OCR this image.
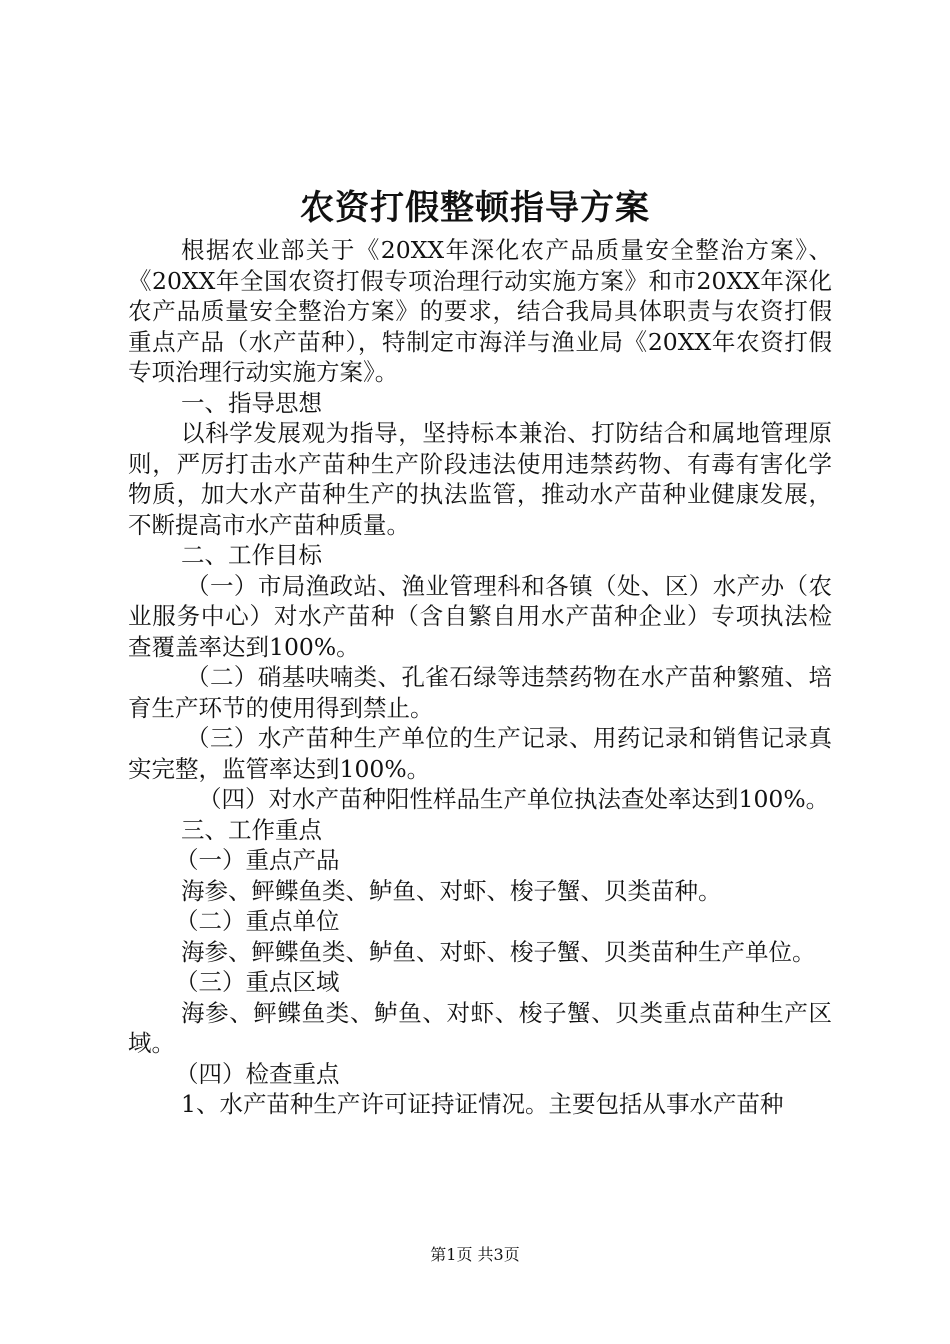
农资打假整顿指导方案

根据农业部关于《20XX年深化农产品质量安全整治方案》、《20XX年全国农资打假专项治理行动实施方案》和市20XX年深化农产品质量安全整治方案》的要求，结合我局具体职责与农资打假重点产品（水产苗种），特制定市海洋与渔业局《20XX年农资打假专项治理行动实施方案》。

一、指导思想

以科学发展观为指导，坚持标本兼治、打防结合和属地管理原则，严厉打击水产苗种生产阶段违法使用违禁药物、有毒有害化学物质，加大水产苗种生产的执法监管，推动水产苗种业健康发展，不断提高市水产苗种质量。

二、工作目标

（一）市局渔政站、渔业管理科和各镇（处、区）水产办（农业服务中心）对水产苗种（含自繁自用水产苗种企业）专项执法检查覆盖率达到100%。

（二）硝基呋喃类、孔雀石绿等违禁药物在水产苗种繁殖、培育生产环节的使用得到禁止。

（三）水产苗种生产单位的生产记录、用药记录和销售记录真实完整，监管率达到100%。

（四）对水产苗种阳性样品生产单位执法查处率达到100%。

三、工作重点

（一）重点产品

海参、鲆鲽鱼类、鲈鱼、对虾、梭子蟹、贝类苗种。

（二）重点单位

海参、鲆鲽鱼类、鲈鱼、对虾、梭子蟹、贝类苗种生产单位。

（三）重点区域

海参、鲆鲽鱼类、鲈鱼、对虾、梭子蟹、贝类重点苗种生产区域。

（四）检查重点

1、水产苗种生产许可证持证情况。主要包括从事水产苗种

第1页 共3页
